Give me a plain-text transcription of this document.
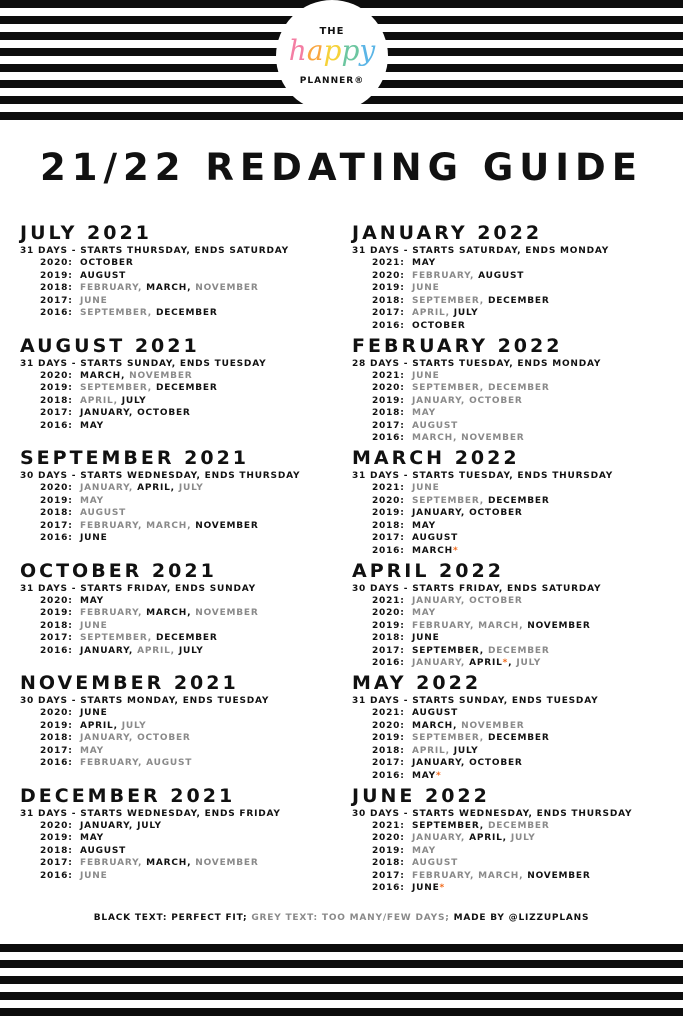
THE
happy
PLANNER®
21/22 REDATING GUIDE
JULY 2021
31 DAYS - STARTS THURSDAY, ENDS SATURDAY
2020: OCTOBER
2019: AUGUST
2018: FEBRUARY, MARCH, NOVEMBER
2017: JUNE
2016: SEPTEMBER, DECEMBER
AUGUST 2021
31 DAYS - STARTS SUNDAY, ENDS TUESDAY
2020: MARCH, NOVEMBER
2019: SEPTEMBER, DECEMBER
2018: APRIL, JULY
2017: JANUARY, OCTOBER
2016: MAY
SEPTEMBER 2021
30 DAYS - STARTS WEDNESDAY, ENDS THURSDAY
2020: JANUARY, APRIL, JULY
2019: MAY
2018: AUGUST
2017: FEBRUARY, MARCH, NOVEMBER
2016: JUNE
OCTOBER 2021
31 DAYS - STARTS FRIDAY, ENDS SUNDAY
2020: MAY
2019: FEBRUARY, MARCH, NOVEMBER
2018: JUNE
2017: SEPTEMBER, DECEMBER
2016: JANUARY, APRIL, JULY
NOVEMBER 2021
30 DAYS - STARTS MONDAY, ENDS TUESDAY
2020: JUNE
2019: APRIL, JULY
2018: JANUARY, OCTOBER
2017: MAY
2016: FEBRUARY, AUGUST
DECEMBER 2021
31 DAYS - STARTS WEDNESDAY, ENDS FRIDAY
2020: JANUARY, JULY
2019: MAY
2018: AUGUST
2017: FEBRUARY, MARCH, NOVEMBER
2016: JUNE
JANUARY 2022
31 DAYS - STARTS SATURDAY, ENDS MONDAY
2021: MAY
2020: FEBRUARY, AUGUST
2019: JUNE
2018: SEPTEMBER, DECEMBER
2017: APRIL, JULY
2016: OCTOBER
FEBRUARY 2022
28 DAYS - STARTS TUESDAY, ENDS MONDAY
2021: JUNE
2020: SEPTEMBER, DECEMBER
2019: JANUARY, OCTOBER
2018: MAY
2017: AUGUST
2016: MARCH, NOVEMBER
MARCH 2022
31 DAYS - STARTS TUESDAY, ENDS THURSDAY
2021: JUNE
2020: SEPTEMBER, DECEMBER
2019: JANUARY, OCTOBER
2018: MAY
2017: AUGUST
2016: MARCH*
APRIL 2022
30 DAYS - STARTS FRIDAY, ENDS SATURDAY
2021: JANUARY, OCTOBER
2020: MAY
2019: FEBRUARY, MARCH, NOVEMBER
2018: JUNE
2017: SEPTEMBER, DECEMBER
2016: JANUARY, APRIL*, JULY
MAY 2022
31 DAYS - STARTS SUNDAY, ENDS TUESDAY
2021: AUGUST
2020: MARCH, NOVEMBER
2019: SEPTEMBER, DECEMBER
2018: APRIL, JULY
2017: JANUARY, OCTOBER
2016: MAY*
JUNE 2022
30 DAYS - STARTS WEDNESDAY, ENDS THURSDAY
2021: SEPTEMBER, DECEMBER
2020: JANUARY, APRIL, JULY
2019: MAY
2018: AUGUST
2017: FEBRUARY, MARCH, NOVEMBER
2016: JUNE*
BLACK TEXT: PERFECT FIT; GREY TEXT: TOO MANY/FEW DAYS; MADE BY @LIZZUPLANS
